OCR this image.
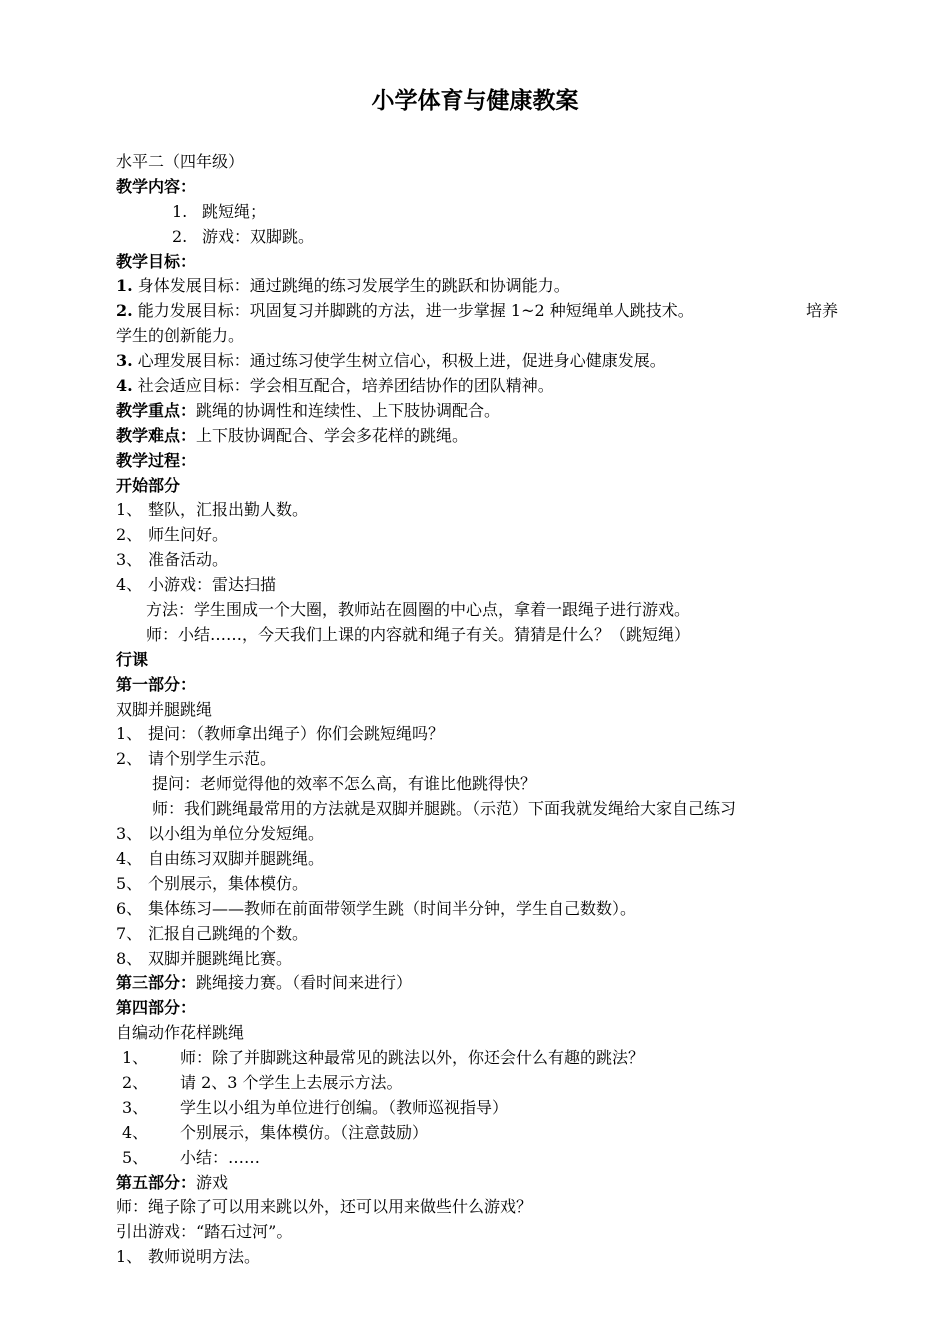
小学体育与健康教案
水平二（四年级）
教学内容：
1. 跳短绳；
2. 游戏：双脚跳。
教学目标：
1. 身体发展目标：通过跳绳的练习发展学生的跳跃和协调能力。
2. 能力发展目标：巩固复习并脚跳的方法，进一步掌握 1~2 种短绳单人跳技术。	培养
学生的创新能力。
3. 心理发展目标：通过练习使学生树立信心，积极上进，促进身心健康发展。
4. 社会适应目标：学会相互配合，培养团结协作的团队精神。
教学重点：跳绳的协调性和连续性、上下肢协调配合。
教学难点：上下肢协调配合、学会多花样的跳绳。
教学过程：
开始部分
1、 整队，汇报出勤人数。
2、 师生问好。
3、 准备活动。
4、 小游戏：雷达扫描
方法：学生围成一个大圈，教师站在圆圈的中心点，拿着一跟绳子进行游戏。
师：小结……，今天我们上课的内容就和绳子有关。猜猜是什么？（跳短绳）
行课
第一部分：
双脚并腿跳绳
1、 提问：（教师拿出绳子）你们会跳短绳吗？
2、 请个别学生示范。
提问：老师觉得他的效率不怎么高，有谁比他跳得快？
师：我们跳绳最常用的方法就是双脚并腿跳。（示范）下面我就发绳给大家自己练习
3、 以小组为单位分发短绳。
4、 自由练习双脚并腿跳绳。
5、 个别展示，集体模仿。
6、 集体练习——教师在前面带领学生跳（时间半分钟，学生自己数数）。
7、 汇报自己跳绳的个数。
8、 双脚并腿跳绳比赛。
第三部分：跳绳接力赛。（看时间来进行）
第四部分：
自编动作花样跳绳
1、 师：除了并脚跳这种最常见的跳法以外，你还会什么有趣的跳法？
2、 请 2、3 个学生上去展示方法。
3、 学生以小组为单位进行创编。（教师巡视指导）
4、 个别展示，集体模仿。（注意鼓励）
5、 小结：……
第五部分：游戏
师：绳子除了可以用来跳以外，还可以用来做些什么游戏？
引出游戏：“踏石过河”。
1、 教师说明方法。
